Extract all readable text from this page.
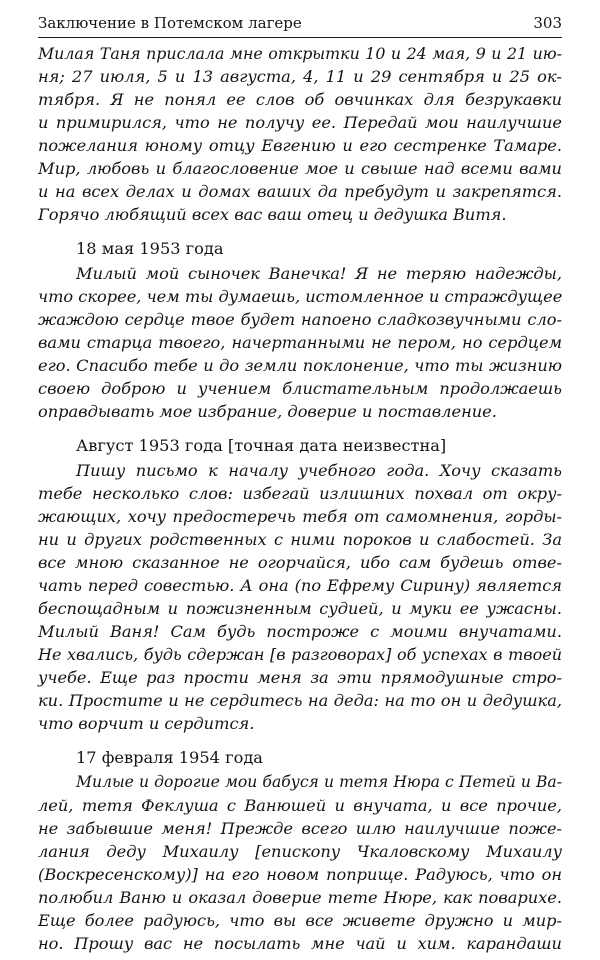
Заключение в Потемском лагере	303

Милая Таня прислала мне открытки 10 и 24 мая, 9 и 21 ию-
ня; 27 июля, 5 и 13 августа, 4, 11 и 29 сентября и 25 ок-
тября. Я не понял ее слов об овчинках для безрукавки
и примирился, что не получу ее. Передай мои наилучшие
пожелания юному отцу Евгению и его сестренке Тамаре.
Мир, любовь и благословение мое и свыше над всеми вами
и на всех делах и домах ваших да пребудут и закрепятся.
Горячо любящий всех вас ваш отец и дедушка Витя.

18 мая 1953 года

Милый мой сыночек Ванечка! Я не теряю надежды,
что скорее, чем ты думаешь, истомленное и страждущее
жаждою сердце твое будет напоено сладкозвучными сло-
вами старца твоего, начертанными не пером, но сердцем
его. Спасибо тебе и до земли поклонение, что ты жизнию
своею доброю и учением блистательным продолжаешь
оправдывать мое избрание, доверие и поставление.

Август 1953 года [точная дата неизвестна]

Пишу письмо к началу учебного года. Хочу сказать
тебе несколько слов: избегай излишних похвал от окру-
жающих, хочу предостеречь тебя от самомнения, горды-
ни и других родственных с ними пороков и слабостей. За
все мною сказанное не огорчайся, ибо сам будешь отве-
чать перед совестью. А она (по Ефрему Сирину) является
беспощадным и пожизненным судией, и муки ее ужасны.
Милый Ваня! Сам будь построже с моими внучатами.
Не хвались, будь сдержан [в разговорах] об успехах в твоей
учебе. Еще раз прости меня за эти прямодушные стро-
ки. Простите и не сердитесь на деда: на то он и дедушка,
что ворчит и сердится.

17 февраля 1954 года

Милые и дорогие мои бабуся и тетя Нюра с Петей и Ва-
лей, тетя Феклуша с Ванюшей и внучата, и все прочие,
не забывшие меня! Прежде всего шлю наилучшие поже-
лания деду Михаилу [епископу Чкаловскому Михаилу
(Воскресенскому)] на его новом поприще. Радуюсь, что он
полюбил Ваню и оказал доверие тете Нюре, как поварихе.
Еще более радуюсь, что вы все живете дружно и мир-
но. Прошу вас не посылать мне чай и хим. карандаши
